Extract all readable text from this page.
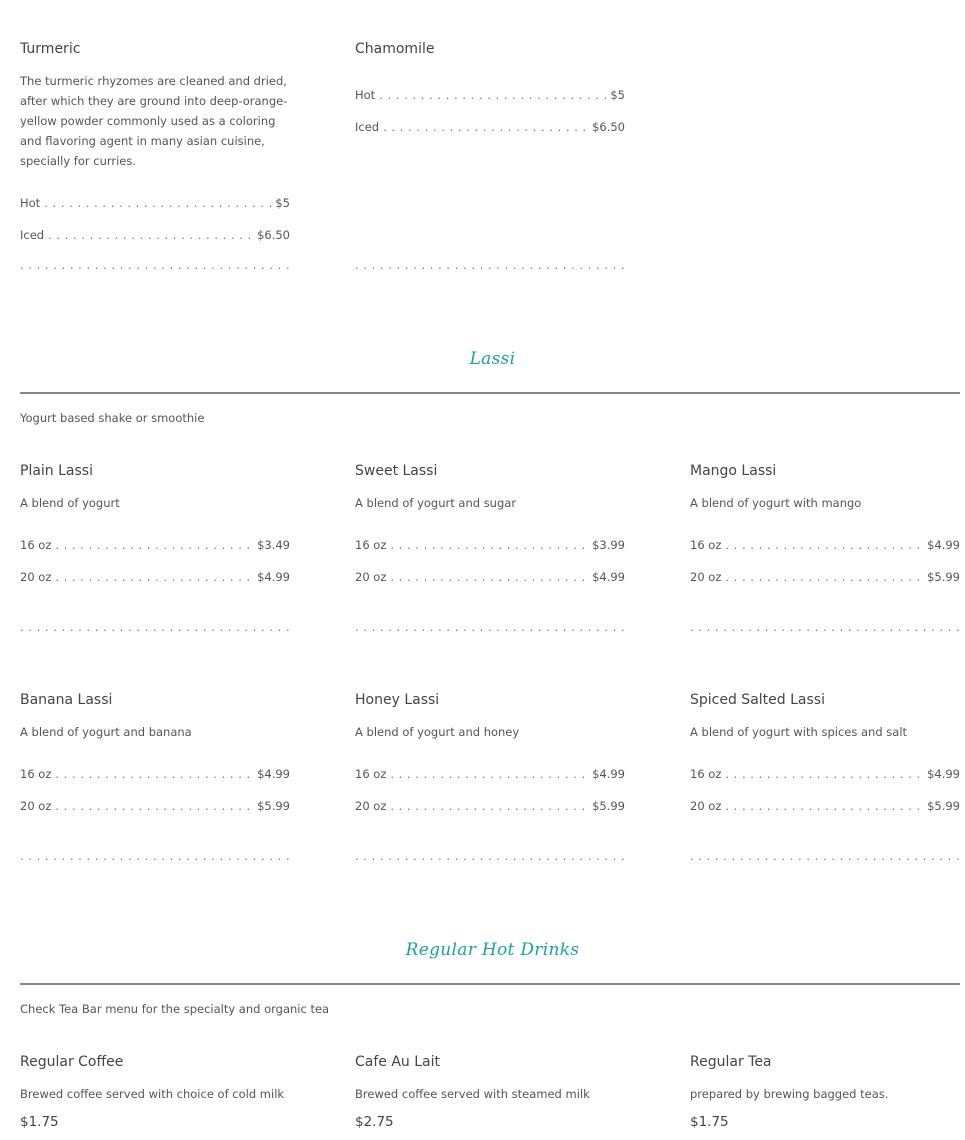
Turmeric
The turmeric rhyzomes are cleaned and dried, after which they are ground into deep-orange-yellow powder commonly used as a coloring and flavoring agent in many asian cuisine, specially for curries.
Hot . . .	$5
Iced . . .	$6.50
. . .
Chamomile
Hot . . .	$5
Iced . . .	$6.50
. . .
Lassi
Yogurt based shake or smoothie
Plain Lassi
A blend of yogurt
16 oz . . .	$3.49
20 oz . . .	$4.99
. . .
Sweet Lassi
A blend of yogurt and sugar
16 oz . . .	$3.99
20 oz . . .	$4.99
. . .
Mango Lassi
A blend of yogurt with mango
16 oz . . .	$4.99
20 oz . . .	$5.99
. . .
Banana Lassi
A blend of yogurt and banana
16 oz . . .	$4.99
20 oz . . .	$5.99
. . .
Honey Lassi
A blend of yogurt and honey
16 oz . . .	$4.99
20 oz . . .	$5.99
. . .
Spiced Salted Lassi
A blend of yogurt with spices and salt
16 oz . . .	$4.99
20 oz . . .	$5.99
. . .
Regular Hot Drinks
Check Tea Bar menu for the specialty and organic tea
Regular Coffee
Brewed coffee served with choice of cold milk
$1.75
Cafe Au Lait
Brewed coffee served with steamed milk
$2.75
Regular Tea
prepared by brewing bagged teas.
$1.75
